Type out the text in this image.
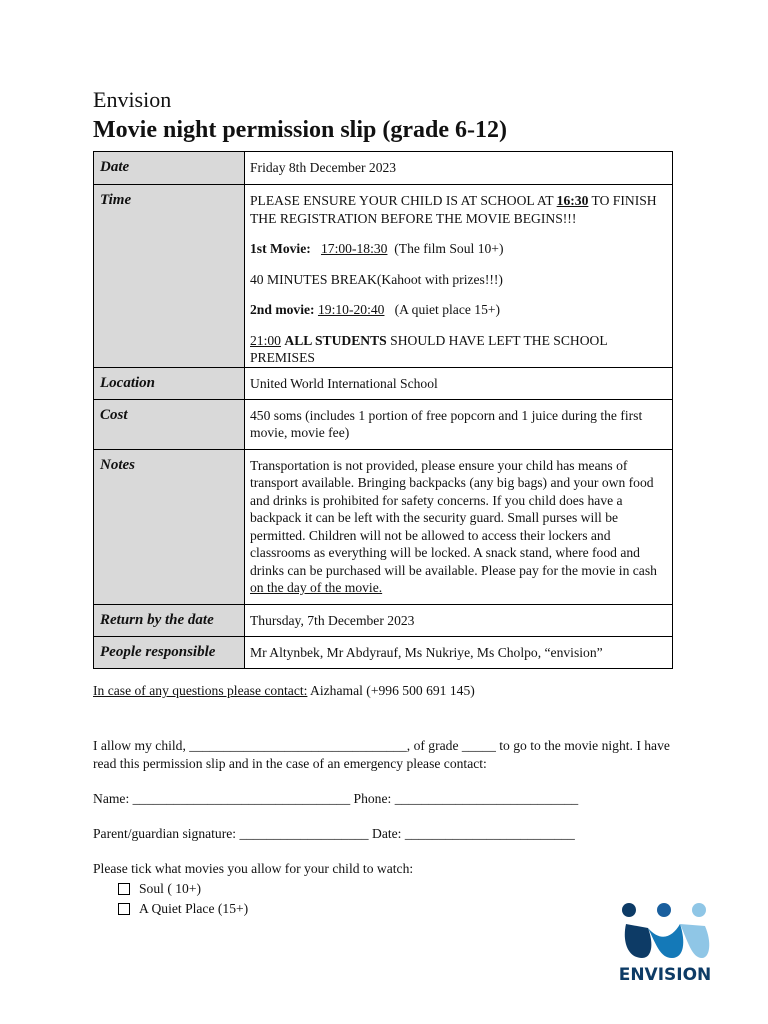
Envision
Movie night permission slip (grade 6-12)
Date	Friday 8th December 2023
Time	PLEASE ENSURE YOUR CHILD IS AT SCHOOL AT 16:30 TO FINISH THE REGISTRATION BEFORE THE MOVIE BEGINS!!!

1st Movie: 17:00-18:30 (The film Soul 10+)

40 MINUTES BREAK(Kahoot with prizes!!!)

2nd movie: 19:10-20:40 (A quiet place 15+)

21:00 ALL STUDENTS SHOULD HAVE LEFT THE SCHOOL PREMISES

Location	United World International School
Cost	450 soms (includes 1 portion of free popcorn and 1 juice during the first movie, movie fee)
Notes	Transportation is not provided, please ensure your child has means of transport available. Bringing backpacks (any big bags) and your own food and drinks is prohibited for safety concerns. If you child does have a backpack it can be left with the security guard. Small purses will be permitted. Children will not be allowed to access their lockers and classrooms as everything will be locked. A snack stand, where food and drinks can be purchased will be available. Please pay for the movie in cash on the day of the movie.
Return by the date	Thursday, 7th December 2023
People responsible	Mr Altynbek, Mr Abdyrauf, Ms Nukriye, Ms Cholpo, “envision”
In case of any questions please contact: Aizhamal (+996 500 691 145)
I allow my child, ________________________________, of grade _____ to go to the movie night. I have read this permission slip and in the case of an emergency please contact:
Name: ________________________________ Phone: ___________________________
Parent/guardian signature: ___________________ Date: _________________________
Please tick what movies you allow for your child to watch:
Soul ( 10+)
A Quiet Place (15+)
ENVISION
